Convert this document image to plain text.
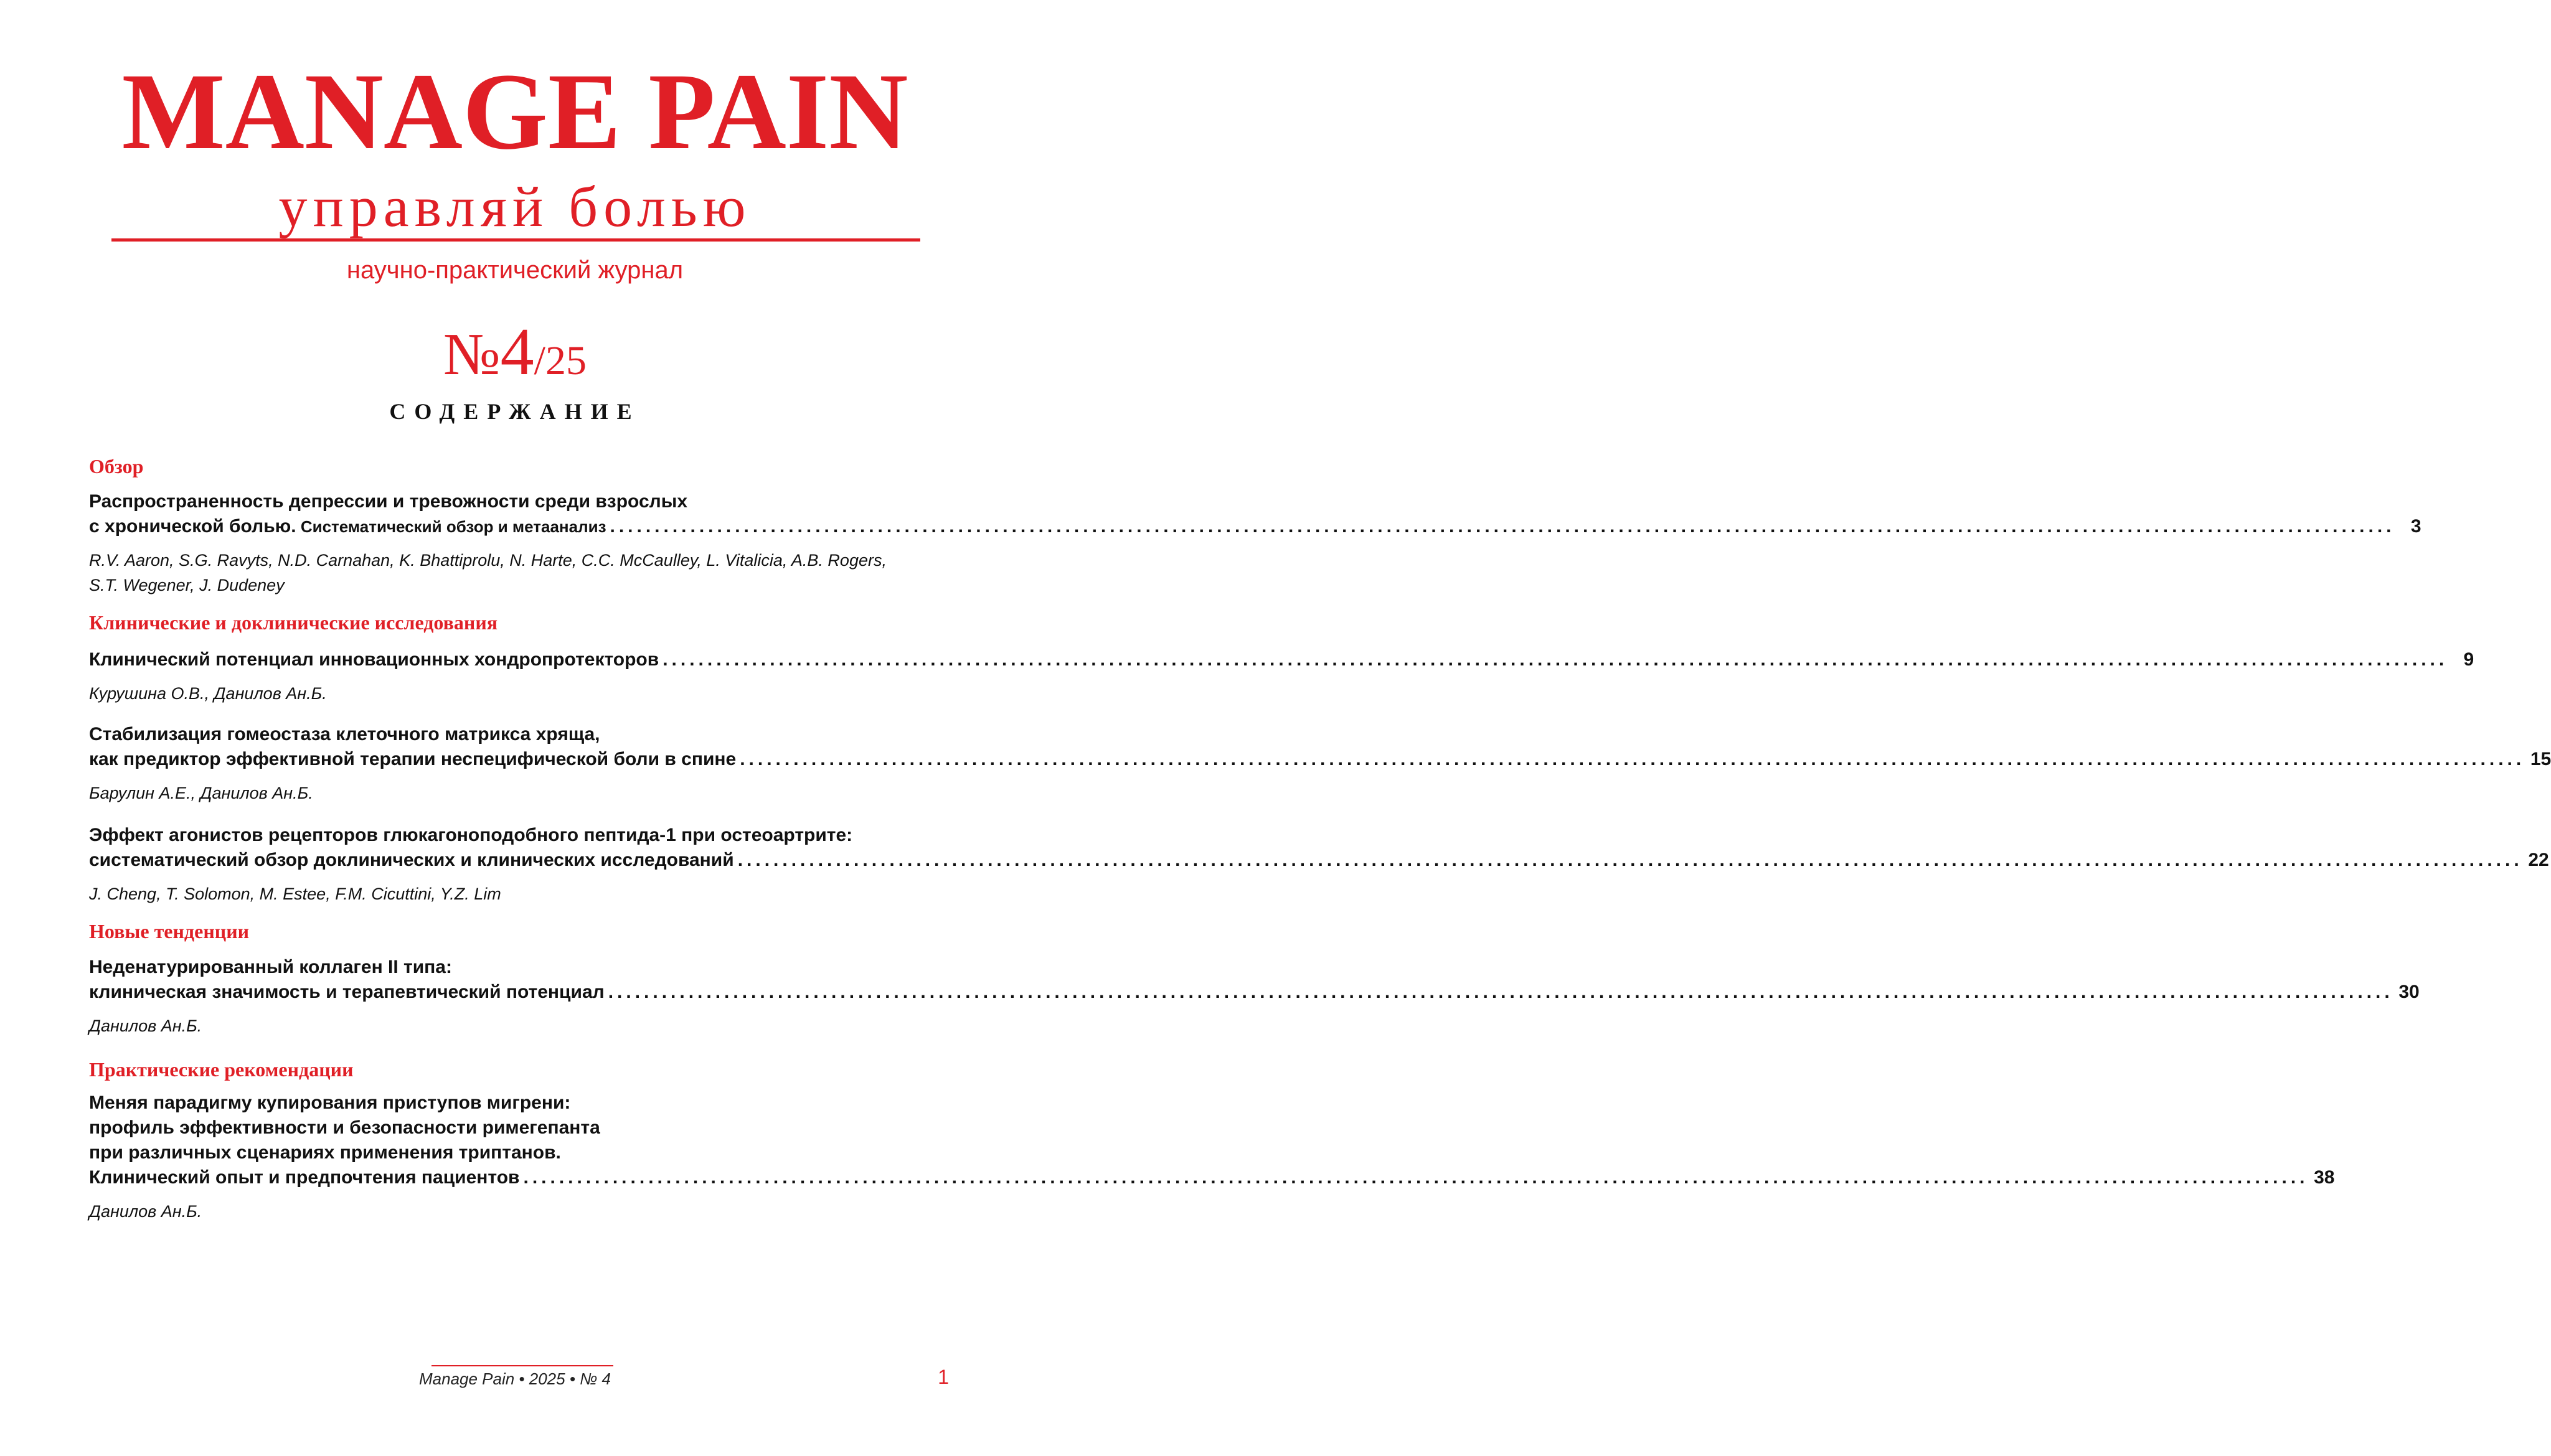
MANAGE PAIN
управляй болью
научно-практический журнал
№4/25
СОДЕРЖАНИЕ
Обзор
Распространенность депрессии и тревожности среди взрослых
с хронической болью. Систематический обзор и метаанализ ........................................................................................................................................................................................................ 3
R.V. Aaron, S.G. Ravyts, N.D. Carnahan, K. Bhattiprolu, N. Harte, C.C. McCaulley, L. Vitalicia, A.B. Rogers,
S.T. Wegener, J. Dudeney
Клинические и доклинические исследования
Клинический потенциал инновационных хондропротекторов ........................................................................................................................................................................................................ 9
Курушина О.В., Данилов Ан.Б.
Стабилизация гомеостаза клеточного матрикса хряща,
как предиктор эффективной терапии неспецифической боли в спине ........................................................................................................................................................................................................ 15
Барулин А.Е., Данилов Ан.Б.
Эффект агонистов рецепторов глюкагоноподобного пептида-1 при остеоартрите:
систематический обзор доклинических и клинических исследований ........................................................................................................................................................................................................ 22
J. Cheng, T. Solomon, M. Estee, F.M. Cicuttini, Y.Z. Lim
Новые тенденции
Неденатурированный коллаген II типа:
клиническая значимость и терапевтический потенциал ........................................................................................................................................................................................................ 30
Данилов Ан.Б.
Практические рекомендации
Меняя парадигму купирования приступов мигрени:
профиль эффективности и безопасности римегепанта
при различных сценариях применения триптанов.
Клинический опыт и предпочтения пациентов ........................................................................................................................................................................................................ 38
Данилов Ан.Б.
Manage Pain • 2025 • № 4	1
